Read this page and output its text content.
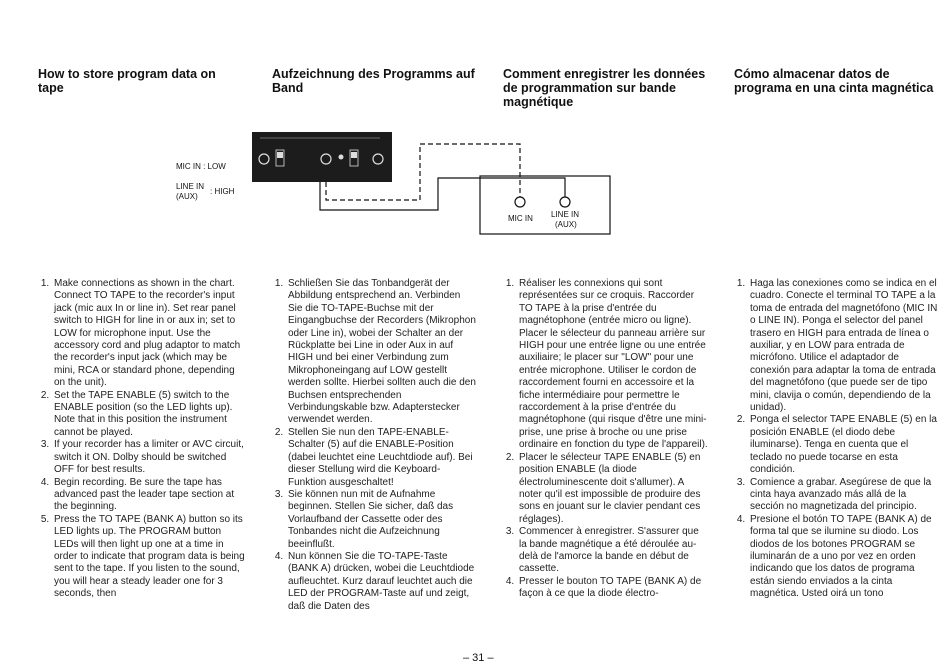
How to store program data on tape
Aufzeichnung des Programms auf Band
Comment enregistrer les données de programmation sur bande magnétique
Cómo almacenar datos de programa en una cinta magnética
MIC IN : LOW
LINE IN
(AUX)
: HIGH
MIC IN LINE IN
(AUX)
1. Make connections as shown in the chart. Connect TO TAPE to the recorder's input jack (mic aux In or line in). Set rear panel switch to HIGH for line in or aux in; set to LOW for microphone input. Use the accessory cord and plug adaptor to match the recorder's input jack (which may be mini, RCA or standard phone, depending on the unit).
2. Set the TAPE ENABLE (5) switch to the ENABLE position (so the LED lights up). Note that in this position the instrument cannot be played.
3. If your recorder has a limiter or AVC circuit, switch it ON. Dolby should be switched OFF for best results.
4. Begin recording. Be sure the tape has advanced past the leader tape section at the beginning.
5. Press the TO TAPE (BANK A) button so its LED lights up. The PROGRAM button LEDs will then light up one at a time in order to indicate that program data is being sent to the tape. If you listen to the sound, you will hear a steady leader one for 3 seconds, then
1. Schließen Sie das Tonbandgerät der Abbildung entsprechend an. Verbinden Sie die TO-TAPE-Buchse mit der Eingangbuchse der Recorders (Mikrophon oder Line in), wobei der Schalter an der Rückplatte bei Line in oder Aux in auf HIGH und bei einer Verbindung zum Mikrophoneingang auf LOW gestellt werden sollte. Hierbei sollten auch die den Buchsen entsprechenden Verbindungskable bzw. Adapterstecker verwendet werden.
2. Stellen Sie nun den TAPE-ENABLE-Schalter (5) auf die ENABLE-Position (dabei leuchtet eine Leuchtdiode auf). Bei dieser Stellung wird die Keyboard-Funktion ausgeschaltet!
3. Sie können nun mit de Aufnahme beginnen. Stellen Sie sicher, daß das Vorlaufband der Cassette oder des Tonbandes nicht die Aufzeichnung beeinflußt.
4. Nun können Sie die TO-TAPE-Taste (BANK A) drücken, wobei die Leuchtdiode aufleuchtet. Kurz darauf leuchtet auch die LED der PROGRAM-Taste auf und zeigt, daß die Daten des
1. Réaliser les connexions qui sont représentées sur ce croquis. Raccorder TO TAPE à la prise d'entrée du magnétophone (entrée micro ou ligne). Placer le sélecteur du panneau arrière sur HIGH pour une entrée ligne ou une entrée auxiliaire; le placer sur "LOW" pour une entrée microphone. Utiliser le cordon de raccordement fourni en accessoire et la fiche intermédiaire pour permettre le raccordement à la prise d'entrée du magnétophone (qui risque d'être une mini-prise, une prise à broche ou une prise ordinaire en fonction du type de l'appareil).
2. Placer le sélecteur TAPE ENABLE (5) en position ENABLE (la diode électroluminescente doit s'allumer). A noter qu'il est impossible de produire des sons en jouant sur le clavier pendant ces réglages).
3. Commencer à enregistrer. S'assurer que la bande magnétique a été déroulée au-delà de l'amorce la bande en début de cassette.
4. Presser le bouton TO TAPE (BANK A) de façon à ce que la diode électro-
1. Haga las conexiones como se indica en el cuadro. Conecte el terminal TO TAPE a la toma de entrada del magnetófono (MIC IN o LINE IN). Ponga el selector del panel trasero en HIGH para entrada de línea o auxiliar, y en LOW para entrada de micrófono. Utilice el adaptador de conexión para adaptar la toma de entrada del magnetófono (que puede ser de tipo mini, clavija o común, dependiendo de la unidad).
2. Ponga el selector TAPE ENABLE (5) en la posición ENABLE (el diodo debe iluminarse). Tenga en cuenta que el teclado no puede tocarse en esta condición.
3. Comience a grabar. Asegúrese de que la cinta haya avanzado más allá de la sección no magnetizada del principio.
4. Presione el botón TO TAPE (BANK A) de forma tal que se ilumine su diodo. Los diodos de los botones PROGRAM se iluminarán de a uno por vez en orden indicando que los datos de programa están siendo enviados a la cinta magnética. Usted oirá un tono
– 31 –
